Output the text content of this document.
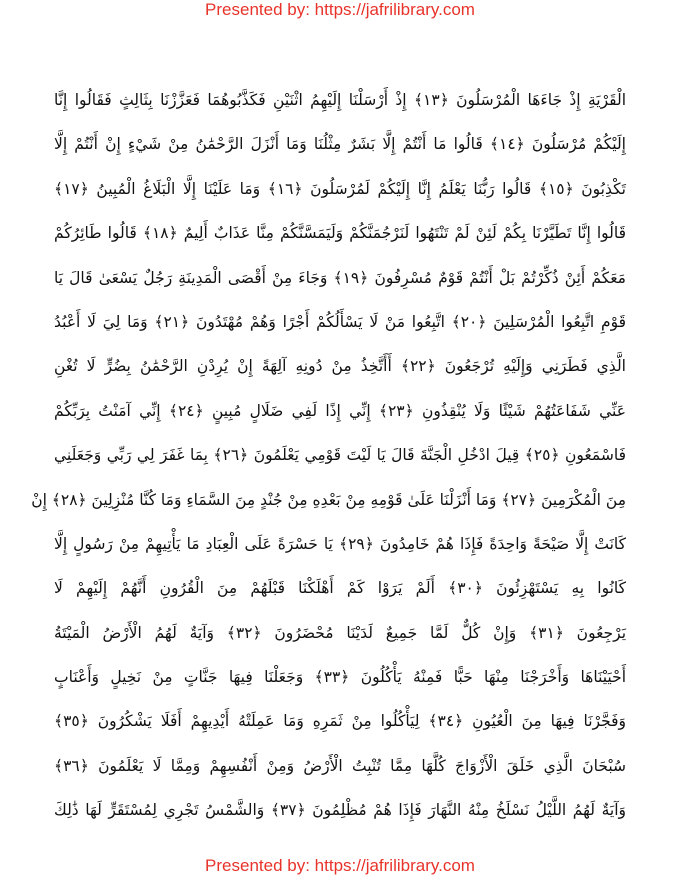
Presented by: https://jafrilibrary.com
الْقَرْيَةِ إِذْ جَاءَهَا الْمُرْسَلُونَ ﴿١٣﴾ إِذْ أَرْسَلْنَا إِلَيْهِمُ اثْنَيْنِ فَكَذَّبُوهُمَا فَعَزَّزْنَا بِثَالِثٍ فَقَالُوا إِنَّا
إِلَيْكُمْ مُرْسَلُونَ ﴿١٤﴾ قَالُوا مَا أَنْتُمْ إِلَّا بَشَرٌ مِثْلُنَا وَمَا أَنْزَلَ الرَّحْمَٰنُ مِنْ شَيْءٍ إِنْ أَنْتُمْ إِلَّا
تَكْذِبُونَ ﴿١٥﴾ قَالُوا رَبُّنَا يَعْلَمُ إِنَّا إِلَيْكُمْ لَمُرْسَلُونَ ﴿١٦﴾ وَمَا عَلَيْنَا إِلَّا الْبَلَاغُ الْمُبِينُ ﴿١٧﴾
قَالُوا إِنَّا تَطَيَّرْنَا بِكُمْ لَئِنْ لَمْ تَنْتَهُوا لَنَرْجُمَنَّكُمْ وَلَيَمَسَّنَّكُمْ مِنَّا عَذَابٌ أَلِيمٌ ﴿١٨﴾ قَالُوا طَائِرُكُمْ
مَعَكُمْ أَئِنْ ذُكِّرْتُمْ بَلْ أَنْتُمْ قَوْمٌ مُسْرِفُونَ ﴿١٩﴾ وَجَاءَ مِنْ أَقْصَى الْمَدِينَةِ رَجُلٌ يَسْعَىٰ قَالَ يَا
قَوْمِ اتَّبِعُوا الْمُرْسَلِينَ ﴿٢٠﴾ اتَّبِعُوا مَنْ لَا يَسْأَلُكُمْ أَجْرًا وَهُمْ مُهْتَدُونَ ﴿٢١﴾ وَمَا لِيَ لَا أَعْبُدُ
الَّذِي فَطَرَنِي وَإِلَيْهِ تُرْجَعُونَ ﴿٢٢﴾ أَأَتَّخِذُ مِنْ دُونِهِ آلِهَةً إِنْ يُرِدْنِ الرَّحْمَٰنُ بِضُرٍّ لَا تُغْنِ
عَنِّي شَفَاعَتُهُمْ شَيْئًا وَلَا يُنْقِذُونِ ﴿٢٣﴾ إِنِّي إِذًا لَفِي ضَلَالٍ مُبِينٍ ﴿٢٤﴾ إِنِّي آمَنْتُ بِرَبِّكُمْ
فَاسْمَعُونِ ﴿٢٥﴾ قِيلَ ادْخُلِ الْجَنَّةَ قَالَ يَا لَيْتَ قَوْمِي يَعْلَمُونَ ﴿٢٦﴾ بِمَا غَفَرَ لِي رَبِّي وَجَعَلَنِي
مِنَ الْمُكْرَمِينَ ﴿٢٧﴾ وَمَا أَنْزَلْنَا عَلَىٰ قَوْمِهِ مِنْ بَعْدِهِ مِنْ جُنْدٍ مِنَ السَّمَاءِ وَمَا كُنَّا مُنْزِلِينَ ﴿٢٨﴾ إِنْ
كَانَتْ إِلَّا صَيْحَةً وَاحِدَةً فَإِذَا هُمْ خَامِدُونَ ﴿٢٩﴾ يَا حَسْرَةً عَلَى الْعِبَادِ مَا يَأْتِيهِمْ مِنْ رَسُولٍ إِلَّا
كَانُوا بِهِ يَسْتَهْزِئُونَ ﴿٣٠﴾ أَلَمْ يَرَوْا كَمْ أَهْلَكْنَا قَبْلَهُمْ مِنَ الْقُرُونِ أَنَّهُمْ إِلَيْهِمْ لَا
يَرْجِعُونَ ﴿٣١﴾ وَإِنْ كُلٌّ لَمَّا جَمِيعٌ لَدَيْنَا مُحْضَرُونَ ﴿٣٢﴾ وَآيَةٌ لَهُمُ الْأَرْضُ الْمَيْتَةُ
أَحْيَيْنَاهَا وَأَخْرَجْنَا مِنْهَا حَبًّا فَمِنْهُ يَأْكُلُونَ ﴿٣٣﴾ وَجَعَلْنَا فِيهَا جَنَّاتٍ مِنْ نَخِيلٍ وَأَعْنَابٍ
وَفَجَّرْنَا فِيهَا مِنَ الْعُيُونِ ﴿٣٤﴾ لِيَأْكُلُوا مِنْ ثَمَرِهِ وَمَا عَمِلَتْهُ أَيْدِيهِمْ أَفَلَا يَشْكُرُونَ ﴿٣٥﴾
سُبْحَانَ الَّذِي خَلَقَ الْأَزْوَاجَ كُلَّهَا مِمَّا تُنْبِتُ الْأَرْضُ وَمِنْ أَنْفُسِهِمْ وَمِمَّا لَا يَعْلَمُونَ ﴿٣٦﴾
وَآيَةٌ لَهُمُ اللَّيْلُ نَسْلَخُ مِنْهُ النَّهَارَ فَإِذَا هُمْ مُظْلِمُونَ ﴿٣٧﴾ وَالشَّمْسُ تَجْرِي لِمُسْتَقَرٍّ لَهَا ذَٰلِكَ
Presented by: https://jafrilibrary.com
